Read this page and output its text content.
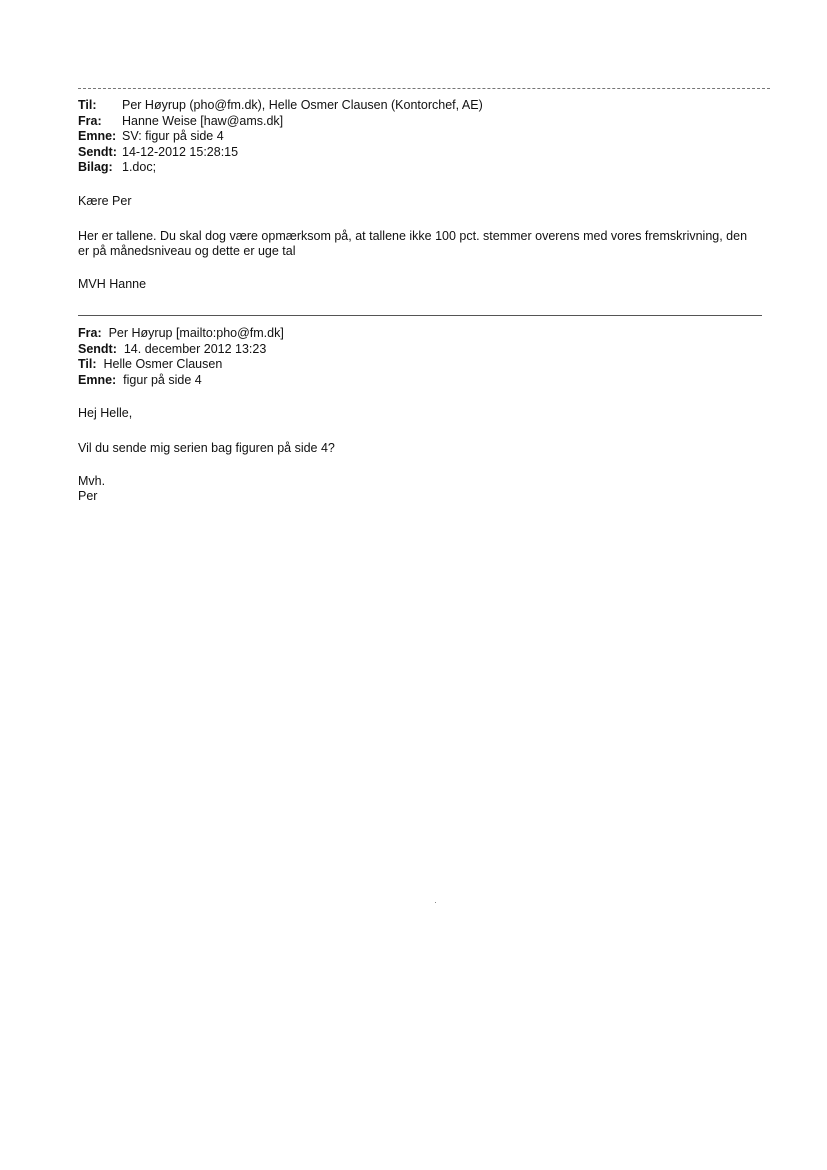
Til:	Per Høyrup (pho@fm.dk), Helle Osmer Clausen (Kontorchef, AE)
Fra:	Hanne Weise [haw@ams.dk]
Emne: SV: figur på side 4
Sendt: 14-12-2012 15:28:15
Bilag: 1.doc;
Kære Per
Her er tallene. Du skal dog være opmærksom på, at tallene ikke 100 pct. stemmer overens med vores fremskrivning, den
er på månedsniveau og dette er uge tal
MVH Hanne
Fra:  Per Høyrup [mailto:pho@fm.dk]
Sendt:  14. december 2012 13:23
Til:  Helle Osmer Clausen
Emne:  figur på side 4
Hej Helle,
Vil du sende mig serien bag figuren på side 4?
Mvh.
Per
